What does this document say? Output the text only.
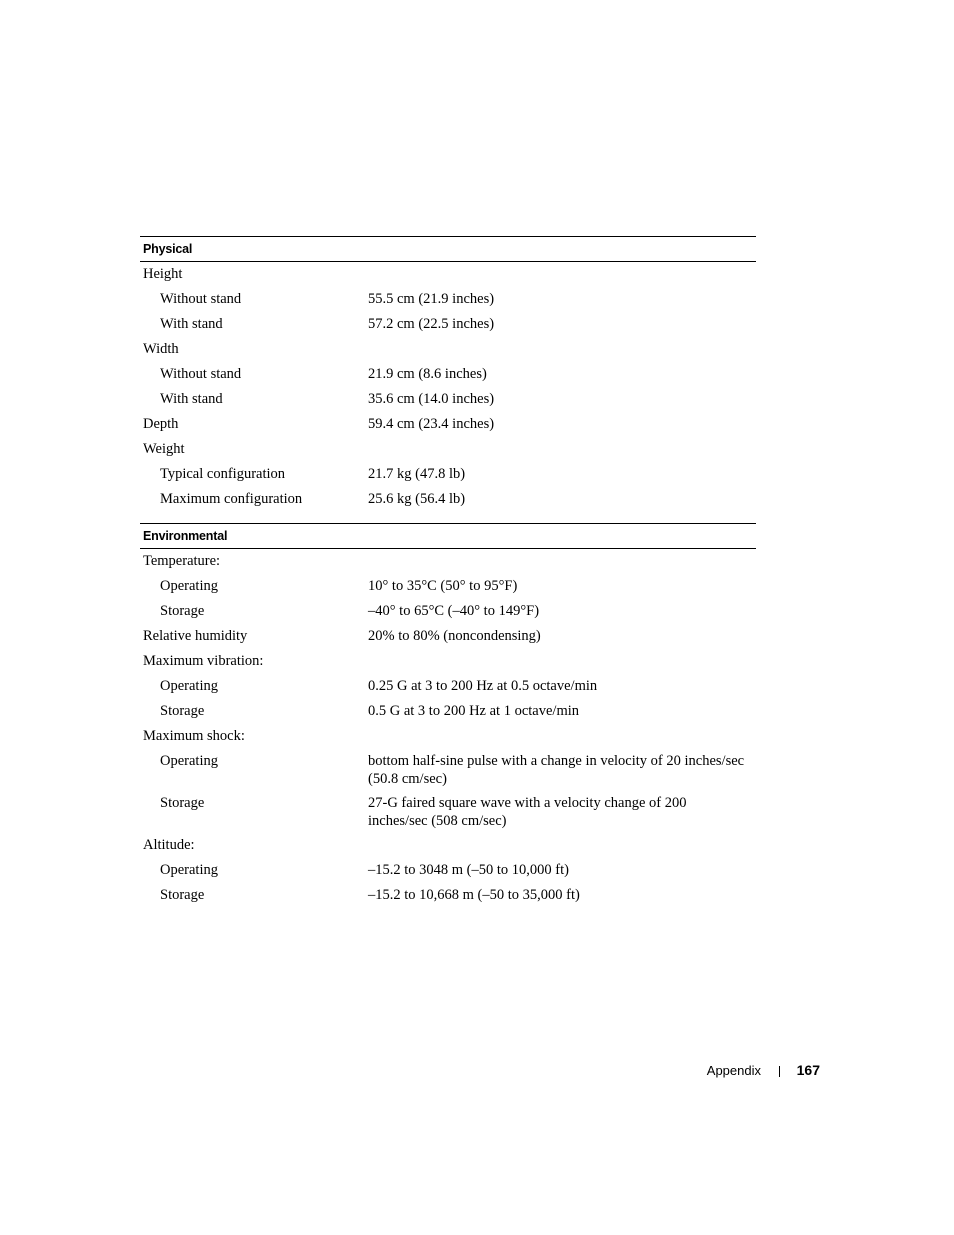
Physical
Height
Without stand	55.5 cm (21.9 inches)
With stand	57.2 cm (22.5 inches)
Width
Without stand	21.9 cm (8.6 inches)
With stand	35.6 cm (14.0 inches)
Depth	59.4 cm (23.4 inches)
Weight
Typical configuration	21.7 kg (47.8 lb)
Maximum configuration	25.6 kg (56.4 lb)
Environmental
Temperature:
Operating	10° to 35°C (50° to 95°F)
Storage	–40° to 65°C (–40° to 149°F)
Relative humidity	20% to 80% (noncondensing)
Maximum vibration:
Operating	0.25 G at 3 to 200 Hz at 0.5 octave/min
Storage	0.5 G at 3 to 200 Hz at 1 octave/min
Maximum shock:
Operating	bottom half-sine pulse with a change in velocity of 20 inches/sec (50.8 cm/sec)
Storage	27-G faired square wave with a velocity change of 200 inches/sec (508 cm/sec)
Altitude:
Operating	–15.2 to 3048 m (–50 to 10,000 ft)
Storage	–15.2 to 10,668 m (–50 to 35,000 ft)
Appendix	167
